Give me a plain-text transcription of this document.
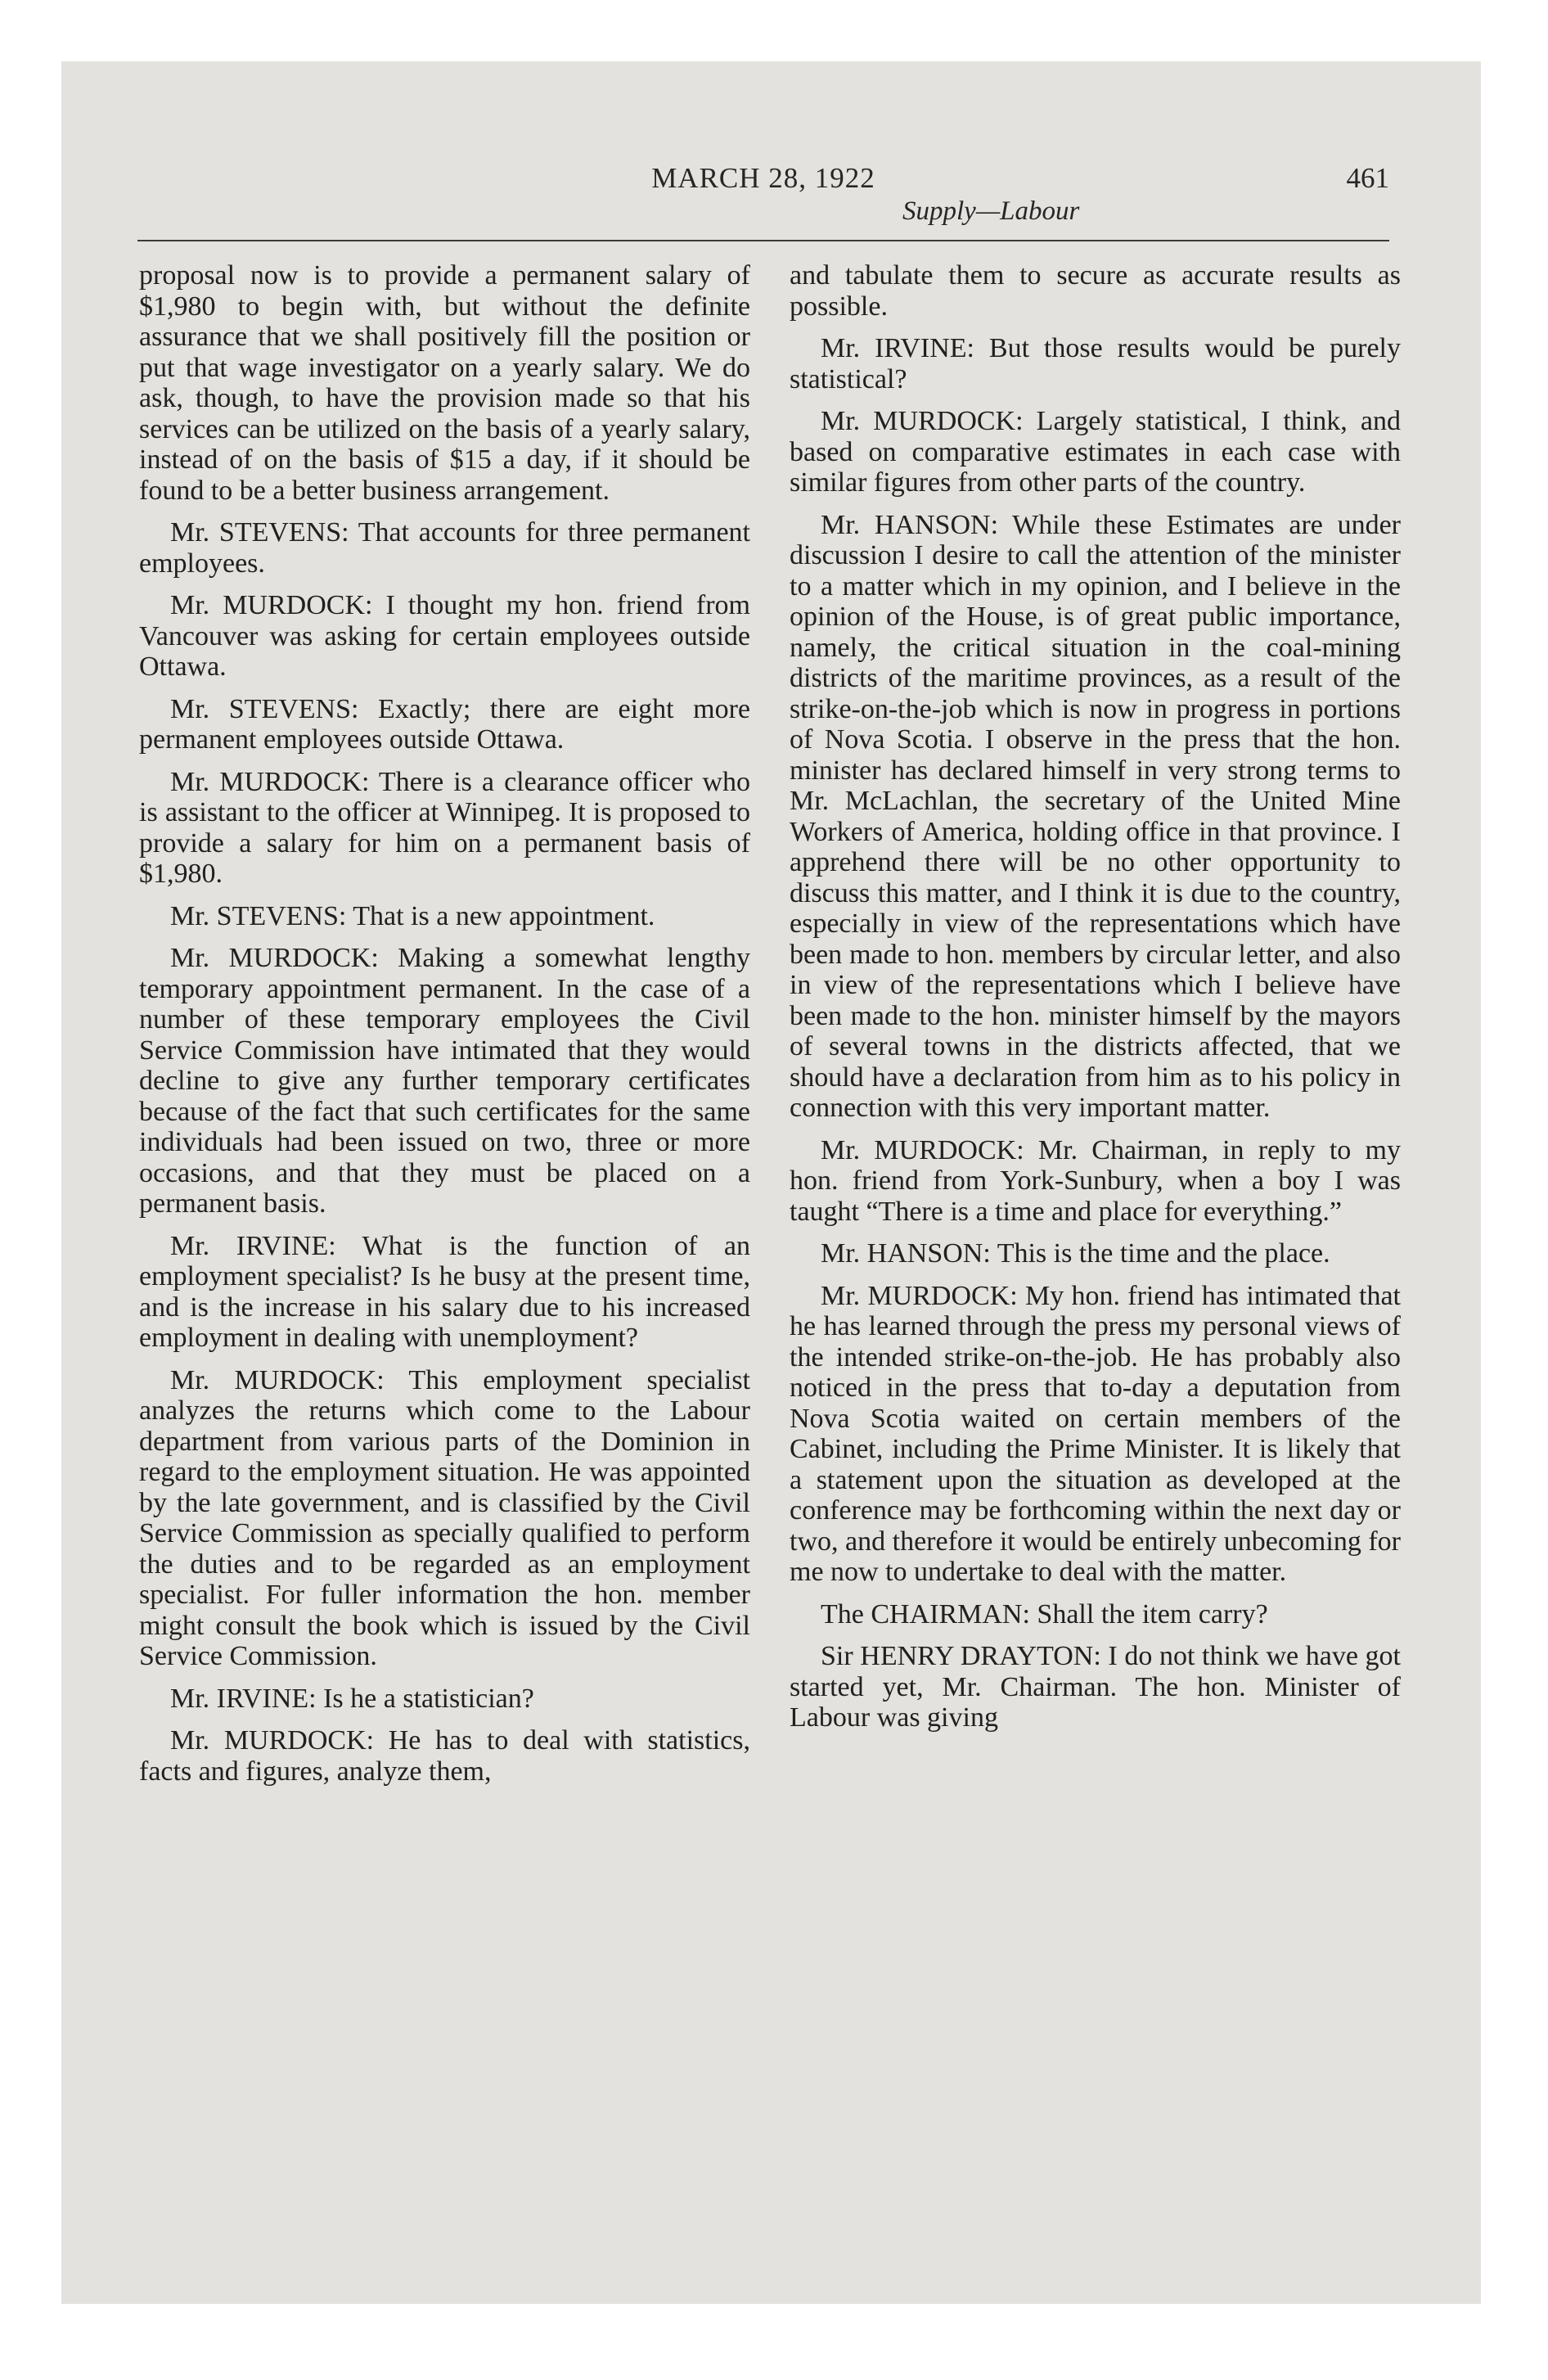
MARCH 28, 1922	461
Supply—Labour

proposal now is to provide a permanent salary of $1,980 to begin with, but without the definite assurance that we shall positively fill the position or put that wage investigator on a yearly salary. We do ask, though, to have the provision made so that his services can be utilized on the basis of a yearly salary, instead of on the basis of $15 a day, if it should be found to be a better business arrangement.

Mr. STEVENS: That accounts for three permanent employees.

Mr. MURDOCK: I thought my hon. friend from Vancouver was asking for certain employees outside Ottawa.

Mr. STEVENS: Exactly; there are eight more permanent employees outside Ottawa.

Mr. MURDOCK: There is a clearance officer who is assistant to the officer at Winnipeg. It is proposed to provide a salary for him on a permanent basis of $1,980.

Mr. STEVENS: That is a new appointment.

Mr. MURDOCK: Making a somewhat lengthy temporary appointment permanent. In the case of a number of these temporary employees the Civil Service Commission have intimated that they would decline to give any further temporary certificates because of the fact that such certificates for the same individuals had been issued on two, three or more occasions, and that they must be placed on a permanent basis.

Mr. IRVINE: What is the function of an employment specialist? Is he busy at the present time, and is the increase in his salary due to his increased employment in dealing with unemployment?

Mr. MURDOCK: This employment specialist analyzes the returns which come to the Labour department from various parts of the Dominion in regard to the employment situation. He was appointed by the late government, and is classified by the Civil Service Commission as specially qualified to perform the duties and to be regarded as an employment specialist. For fuller information the hon. member might consult the book which is issued by the Civil Service Commission.

Mr. IRVINE: Is he a statistician?

Mr. MURDOCK: He has to deal with statistics, facts and figures, analyze them,

and tabulate them to secure as accurate results as possible.

Mr. IRVINE: But those results would be purely statistical?

Mr. MURDOCK: Largely statistical, I think, and based on comparative estimates in each case with similar figures from other parts of the country.

Mr. HANSON: While these Estimates are under discussion I desire to call the attention of the minister to a matter which in my opinion, and I believe in the opinion of the House, is of great public importance, namely, the critical situation in the coal-mining districts of the maritime provinces, as a result of the strike-on-the-job which is now in progress in portions of Nova Scotia. I observe in the press that the hon. minister has declared himself in very strong terms to Mr. McLachlan, the secretary of the United Mine Workers of America, holding office in that province. I apprehend there will be no other opportunity to discuss this matter, and I think it is due to the country, especially in view of the representations which have been made to hon. members by circular letter, and also in view of the representations which I believe have been made to the hon. minister himself by the mayors of several towns in the districts affected, that we should have a declaration from him as to his policy in connection with this very important matter.

Mr. MURDOCK: Mr. Chairman, in reply to my hon. friend from York-Sunbury, when a boy I was taught “There is a time and place for everything.”

Mr. HANSON: This is the time and the place.

Mr. MURDOCK: My hon. friend has intimated that he has learned through the press my personal views of the intended strike-on-the-job. He has probably also noticed in the press that to-day a deputation from Nova Scotia waited on certain members of the Cabinet, including the Prime Minister. It is likely that a statement upon the situation as developed at the conference may be forthcoming within the next day or two, and therefore it would be entirely unbecoming for me now to undertake to deal with the matter.

The CHAIRMAN: Shall the item carry?

Sir HENRY DRAYTON: I do not think we have got started yet, Mr. Chairman. The hon. Minister of Labour was giving
